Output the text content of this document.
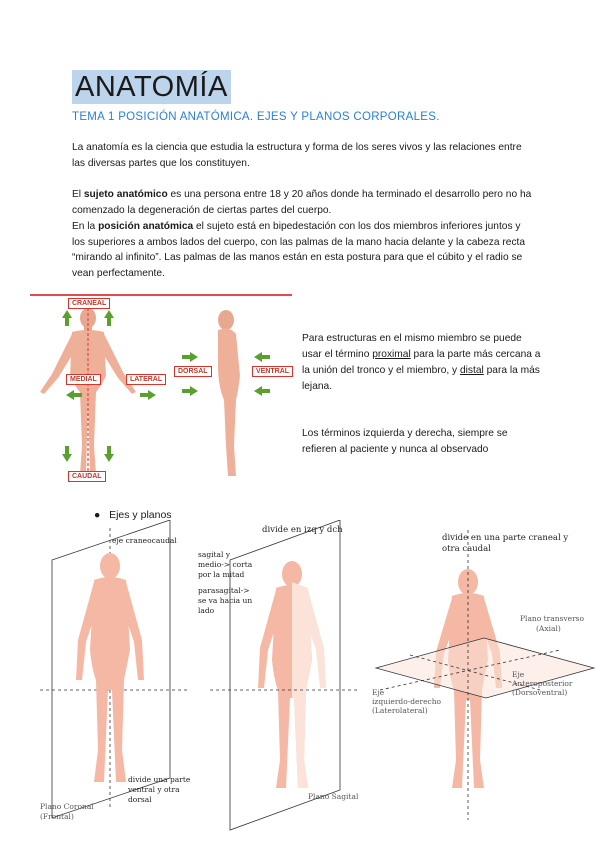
ANATOMÍA
TEMA 1 POSICIÓN ANATÓMICA. EJES Y PLANOS CORPORALES.
La anatomía es la ciencia que estudia la estructura y forma de los seres vivos y las relaciones entre las diversas partes que los constituyen.
El sujeto anatómico es una persona entre 18 y 20 años donde ha terminado el desarrollo pero no ha comenzado la degeneración de ciertas partes del cuerpo.
En la posición anatómica el sujeto está en bipedestación con los dos miembros inferiores juntos y los superiores a ambos lados del cuerpo, con las palmas de la mano hacia delante y la cabeza recta “mirando al infinito”. Las palmas de las manos están en esta postura para que el cúbito y el radio se vean perfectamente.
CRANEAL
CAUDAL
MEDIAL	LATERAL
DORSAL	VENTRAL
Para estructuras en el mismo miembro se puede usar el término proximal para la parte más cercana a la unión del tronco y el miembro, y distal para la más lejana.
Los términos izquierda y derecha, siempre se refieren al paciente y nunca al observado
●   Ejes y planos
eje craneocaudal
sagital y
medio-> corta
por la mitad
parasagital->
se va hacia un
lado
divide una parte
ventral y otra
dorsal
Plano Coronal
(Frontal)
divide en izq y dch
Plano Sagital
divide en una parte craneal y
otra caudal
Plano transverso
(Axial)
Eje
izquierdo-derecho
(Laterolateral)
Eje
Anteroposterior
(Dorsoventral)
